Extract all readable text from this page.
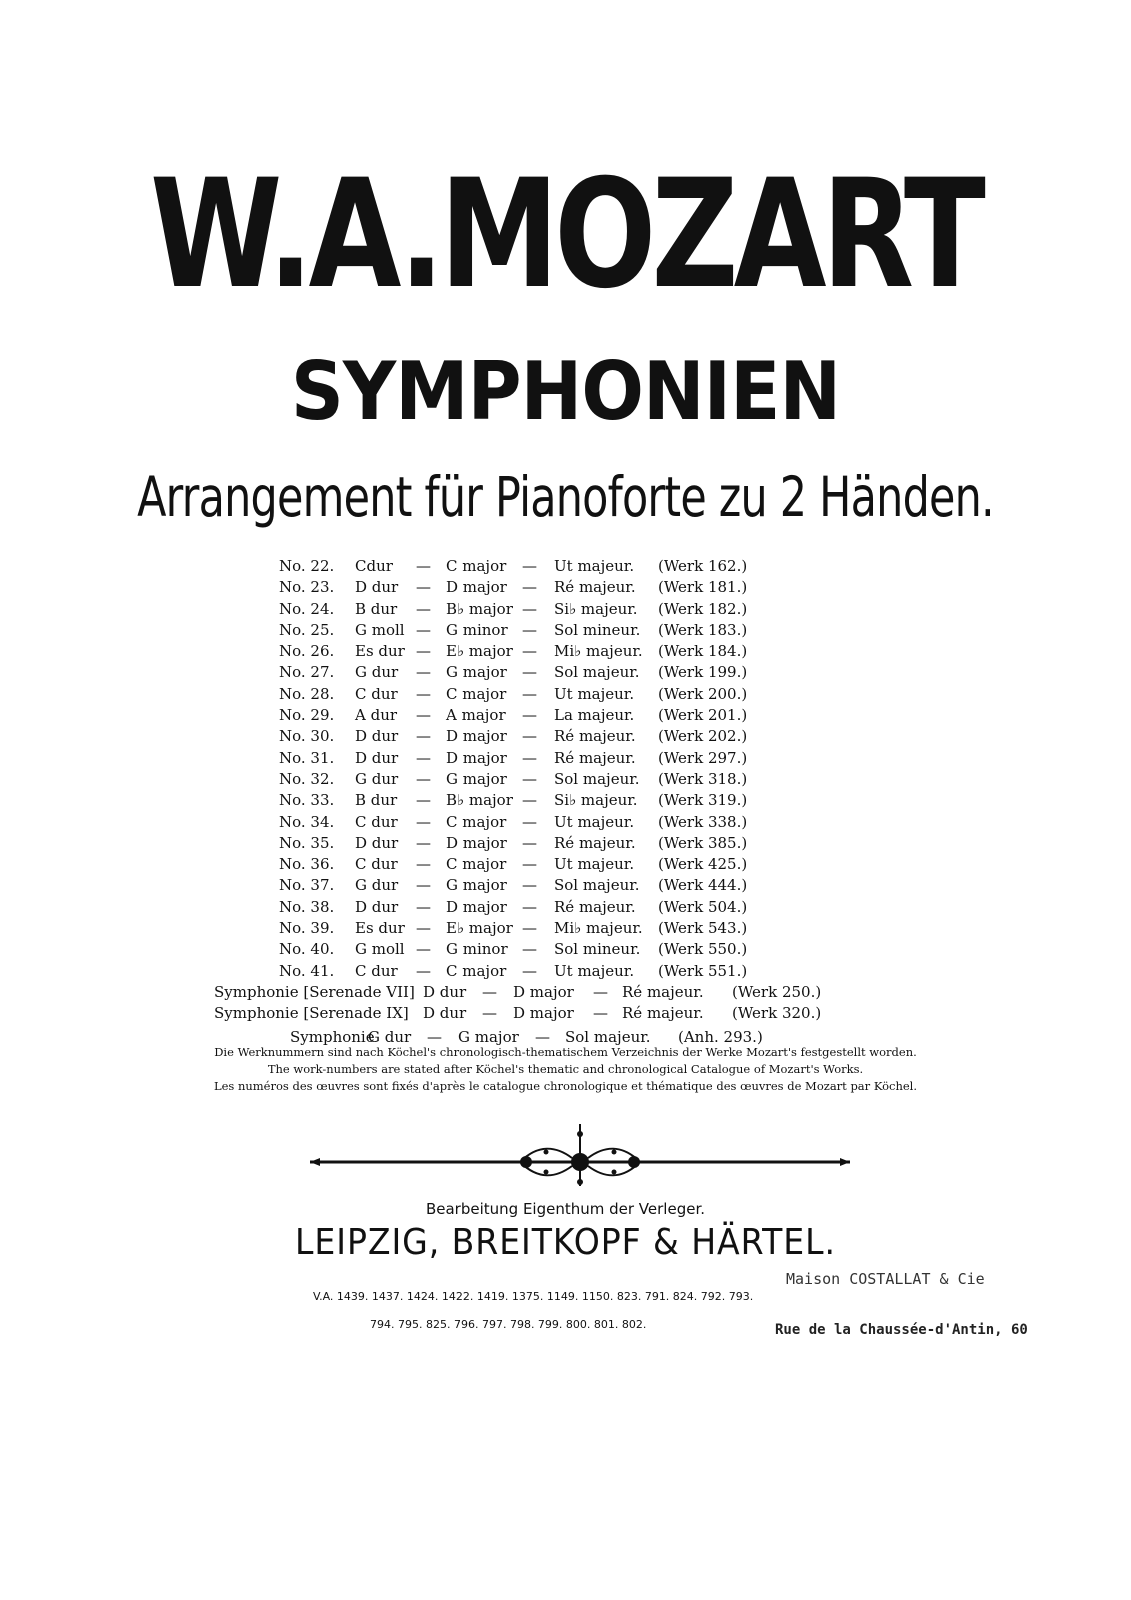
W.A.MOZART
SYMPHONIEN
Arrangement für Pianoforte zu 2 Händen.
No. 22. Cdur — C major — Ut majeur. (Werk 162.)
No. 23. D dur — D major — Ré majeur. (Werk 181.)
No. 24. B dur — B♭ major — Si♭ majeur. (Werk 182.)
No. 25. G moll — G minor — Sol mineur. (Werk 183.)
No. 26. Es dur — E♭ major — Mi♭ majeur. (Werk 184.)
No. 27. G dur — G major — Sol majeur. (Werk 199.)
No. 28. C dur — C major — Ut majeur. (Werk 200.)
No. 29. A dur — A major — La majeur. (Werk 201.)
No. 30. D dur — D major — Ré majeur. (Werk 202.)
No. 31. D dur — D major — Ré majeur. (Werk 297.)
No. 32. G dur — G major — Sol majeur. (Werk 318.)
No. 33. B dur — B♭ major — Si♭ majeur. (Werk 319.)
No. 34. C dur — C major — Ut majeur. (Werk 338.)
No. 35. D dur — D major — Ré majeur. (Werk 385.)
No. 36. C dur — C major — Ut majeur. (Werk 425.)
No. 37. G dur — G major — Sol majeur. (Werk 444.)
No. 38. D dur — D major — Ré majeur. (Werk 504.)
No. 39. Es dur — E♭ major — Mi♭ majeur. (Werk 543.)
No. 40. G moll — G minor — Sol mineur. (Werk 550.)
No. 41. C dur — C major — Ut majeur. (Werk 551.)
Symphonie [Serenade VII] D dur — D major — Ré majeur. (Werk 250.)
Symphonie [Serenade IX] D dur — D major — Ré majeur. (Werk 320.)
Symphonie
G dur — G major — Sol majeur. (Anh. 293.)
Die Werknummern sind nach Köchel's chronologisch-thematischem Verzeichnis der Werke Mozart's festgestellt worden.
The work-numbers are stated after Köchel's thematic and chronological Catalogue of Mozart's Works.
Les numéros des œuvres sont fixés d'après le catalogue chronologique et thématique des œuvres de Mozart par Köchel.
Bearbeitung Eigenthum der Verleger.
LEIPZIG, BREITKOPF & HÄRTEL.
V.A. 1439. 1437. 1424. 1422. 1419. 1375. 1149. 1150. 823. 791. 824. 792. 793.
794. 795. 825. 796. 797. 798. 799. 800. 801. 802.
Maison COSTALLAT & Cie
Rue de la Chaussée-d'Antin, 60
